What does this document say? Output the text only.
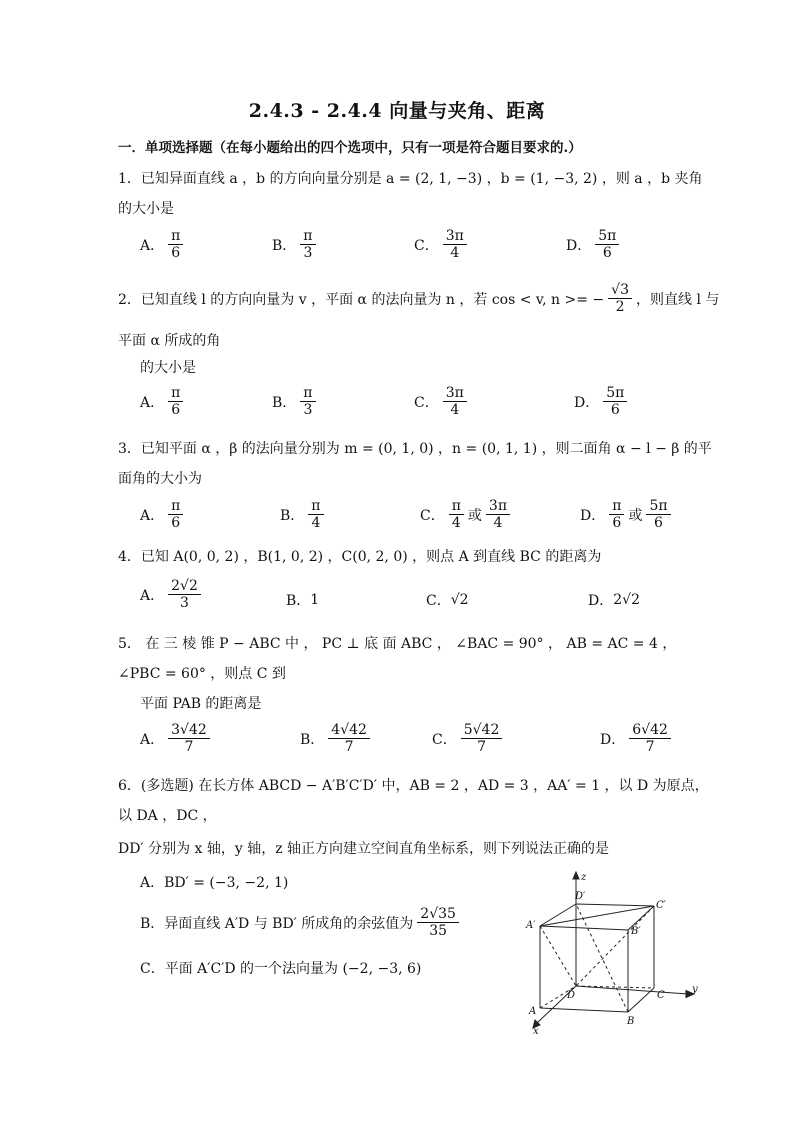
2.4.3 - 2.4.4 向量与夹角、距离
一．单项选择题（在每小题给出的四个选项中，只有一项是符合题目要求的.）
1．已知异面直线 a ，b 的方向向量分别是 a = (2, 1, −3) ，b = (1, −3, 2) ，则 a ，b 夹角
的大小是
A． $\frac{\pi}{6}$	B． $\frac{\pi}{3}$	C． $\frac{3\pi}{4}$	D． $\frac{5\pi}{6}$
2．已知直线 l 的方向向量为 v ，平面 α 的法向量为 n ，若 cos < v, n >= − $\frac{√3}{2}$ ，则直线 l 与
平面 α 所成的角
的大小是
A． $\frac{\pi}{6}$	B． $\frac{\pi}{3}$	C． $\frac{3\pi}{4}$	D． $\frac{5\pi}{6}$
3．已知平面 α ，β 的法向量分别为 m = (0, 1, 0) ，n = (0, 1, 1) ，则二面角 α − l − β 的平
面角的大小为
A． $\frac{\pi}{6}$	B． $\frac{\pi}{4}$	C． $\frac{\pi}{4}$ 或 $\frac{3\pi}{4}$	D． $\frac{\pi}{6}$ 或 $\frac{5\pi}{6}$
4．已知 A(0, 0, 2) ，B(1, 0, 2) ，C(0, 2, 0) ，则点 A 到直线 BC 的距离为
A． $\frac{2√2}{3}$	B． 1	C． √2	D． 2√2
5． 在 三 棱 锥 P − ABC 中 ， PC ⊥ 底 面 ABC ， ∠BAC = 90° ， AB = AC = 4 ，
∠PBC = 60° ，则点 C 到
平面 PAB 的距离是
A． $\frac{3√42}{7}$	B． $\frac{4√42}{7}$	C． $\frac{5√42}{7}$	D． $\frac{6√42}{7}$
6．(多选题) 在长方体 ABCD − A′B′C′D′ 中，AB = 2 ，AD = 3 ，AA′ = 1 ，以 D 为原点，
以 DA ，DC ，
DD′ 分别为 x 轴，y 轴，z 轴正方向建立空间直角坐标系，则下列说法正确的是
A．BD′ = (−3, −2, 1)
B．异面直线 A′D 与 BD′ 所成角的余弦值为 $\frac{2√35}{35}$
C．平面 A′C′D 的一个法向量为 (−2, −3, 6)
z
y
x
A
B
C
D
A′
B′
C′
D′
